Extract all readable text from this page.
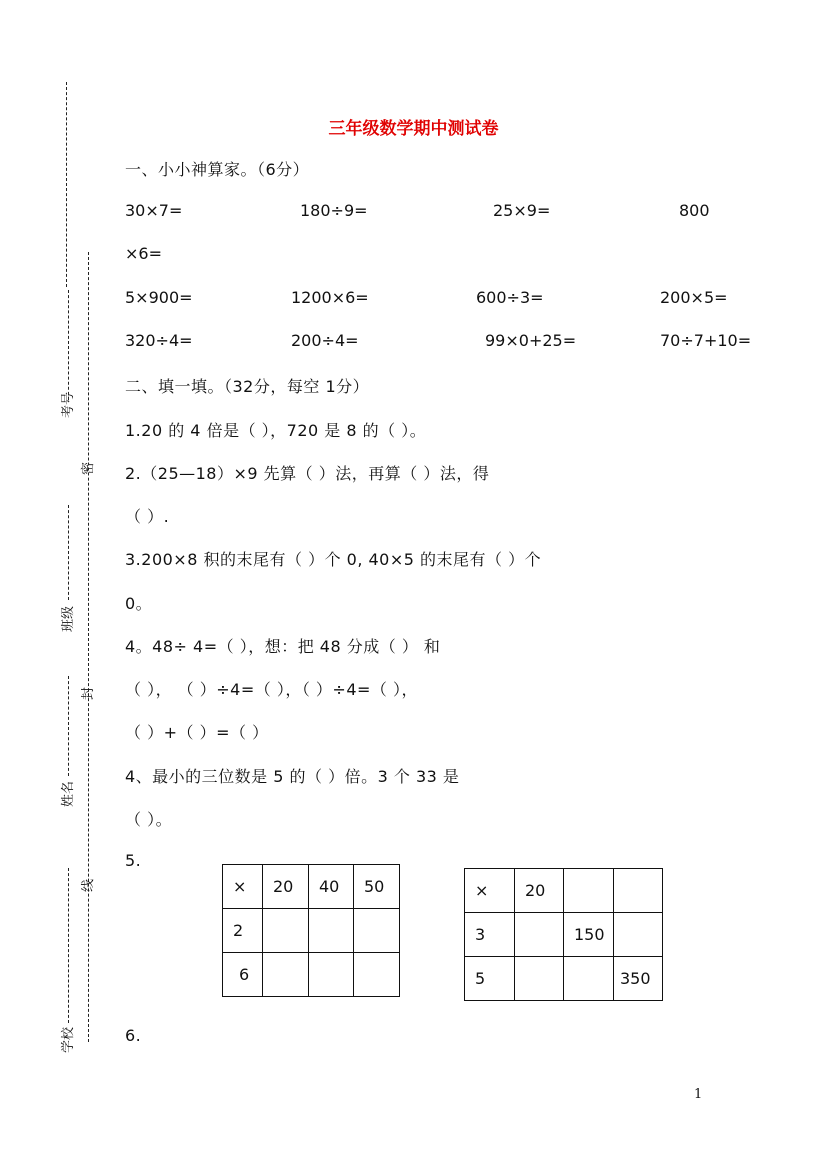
考号
班级
姓名
学校
密
封
线
三年级数学期中测试卷
一、小小神算家。（6分）
30×7=	180÷9=	25×9=	800
×6=
5×900=	1200×6=	600÷3=	200×5=
320÷4=	200÷4=	99×0+25=	70÷7+10=
二、填一填。（32分，每空 1分）
1.20 的 4 倍是（ ），720 是 8 的（ ）。
2.（25—18）×9 先算（ ）法，再算（ ）法，得
（ ）.
3.200×8 积的末尾有（ ）个 0, 40×5 的末尾有（ ）个
0。
4。48÷ 4=（ ），想：把 48 分成（ ） 和
（ ）， （ ）÷4=（ ），（ ）÷4=（ ），
（ ）+（ ）=（ ）
4、最小的三位数是 5 的（ ）倍。3 个 33 是
（ ）。
5.
×	20	40	50
2			
6			
×	20		
3		150	
5			350
6.
1
